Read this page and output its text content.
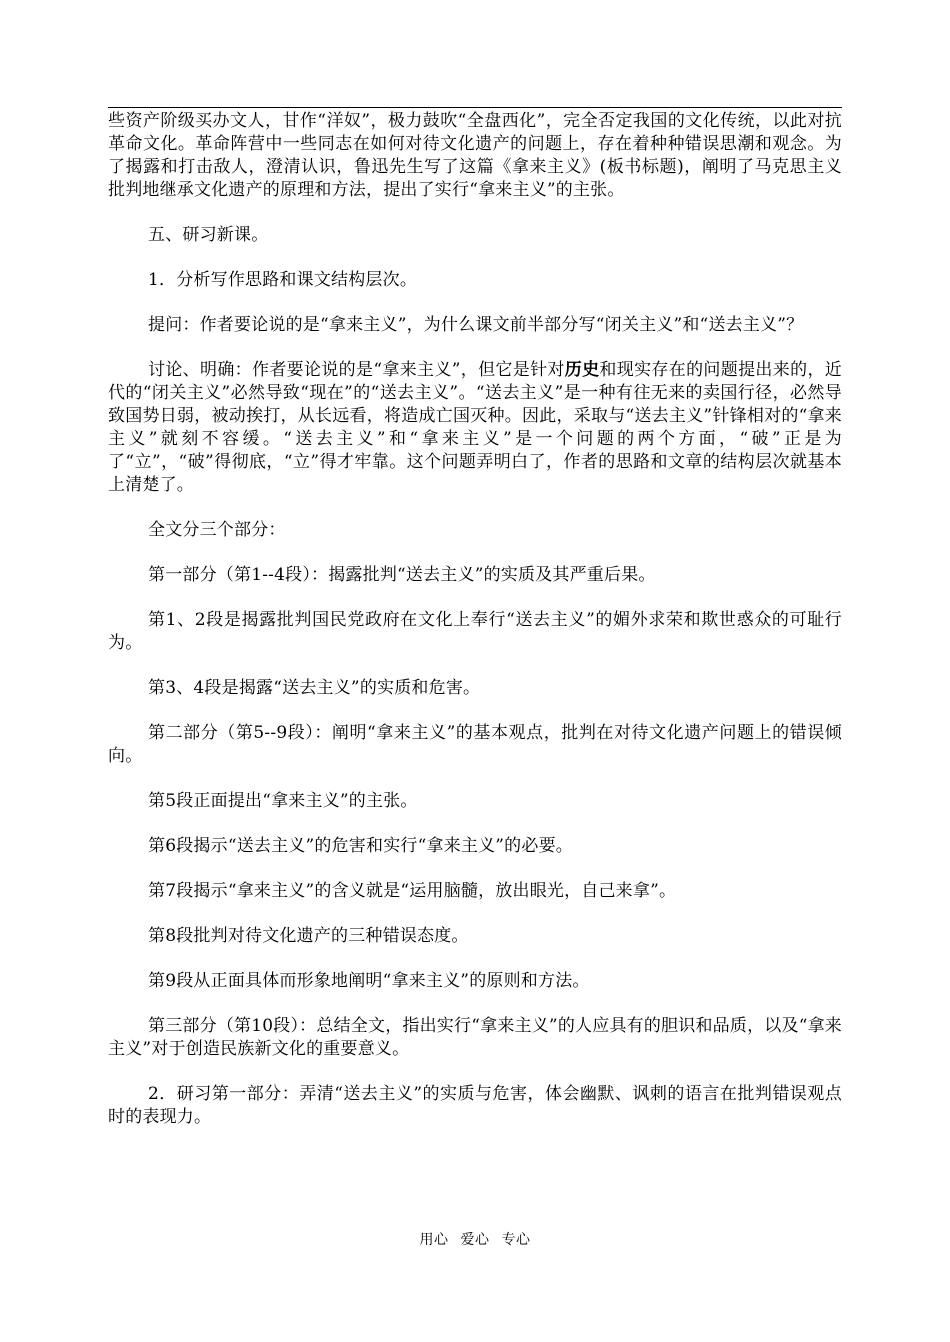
些资产阶级买办文人，甘作“洋奴”，极力鼓吹“全盘西化”，完全否定我国的文化传统，以此对抗革命文化。革命阵营中一些同志在如何对待文化遗产的问题上，存在着种种错误思潮和观念。为了揭露和打击敌人，澄清认识，鲁迅先生写了这篇《拿来主义》(板书标题)，阐明了马克思主义批判地继承文化遗产的原理和方法，提出了实行“拿来主义”的主张。

五、研习新课。

1．分析写作思路和课文结构层次。

提问：作者要论说的是“拿来主义”，为什么课文前半部分写“闭关主义”和“送去主义”？

讨论、明确：作者要论说的是“拿来主义”，但它是针对历史和现实存在的问题提出来的，近代的“闭关主义”必然导致“现在”的“送去主义”。“送去主义”是一种有往无来的卖国行径，必然导致国势日弱，被动挨打，从长远看，将造成亡国灭种。因此，采取与“送去主义”针锋相对的“拿来主义”就刻不容缓。“送去主义”和“拿来主义”是一个问题的两个方面，“破”正是为了“立”，“破”得彻底，“立”得才牢靠。这个问题弄明白了，作者的思路和文章的结构层次就基本上清楚了。

全文分三个部分：

第一部分（第1--4段）：揭露批判“送去主义”的实质及其严重后果。

第1、2段是揭露批判国民党政府在文化上奉行“送去主义”的媚外求荣和欺世惑众的可耻行为。

第3、4段是揭露“送去主义”的实质和危害。

第二部分（第5--9段）：阐明“拿来主义”的基本观点，批判在对待文化遗产问题上的错误倾向。

第5段正面提出“拿来主义”的主张。

第6段揭示“送去主义”的危害和实行“拿来主义”的必要。

第7段揭示“拿来主义”的含义就是“运用脑髓，放出眼光，自己来拿”。

第8段批判对待文化遗产的三种错误态度。

第9段从正面具体而形象地阐明“拿来主义”的原则和方法。

第三部分（第10段）：总结全文，指出实行“拿来主义”的人应具有的胆识和品质，以及“拿来主义”对于创造民族新文化的重要意义。

2．研习第一部分：弄清“送去主义”的实质与危害，体会幽默、讽刺的语言在批判错误观点时的表现力。

用心 爱心 专心
